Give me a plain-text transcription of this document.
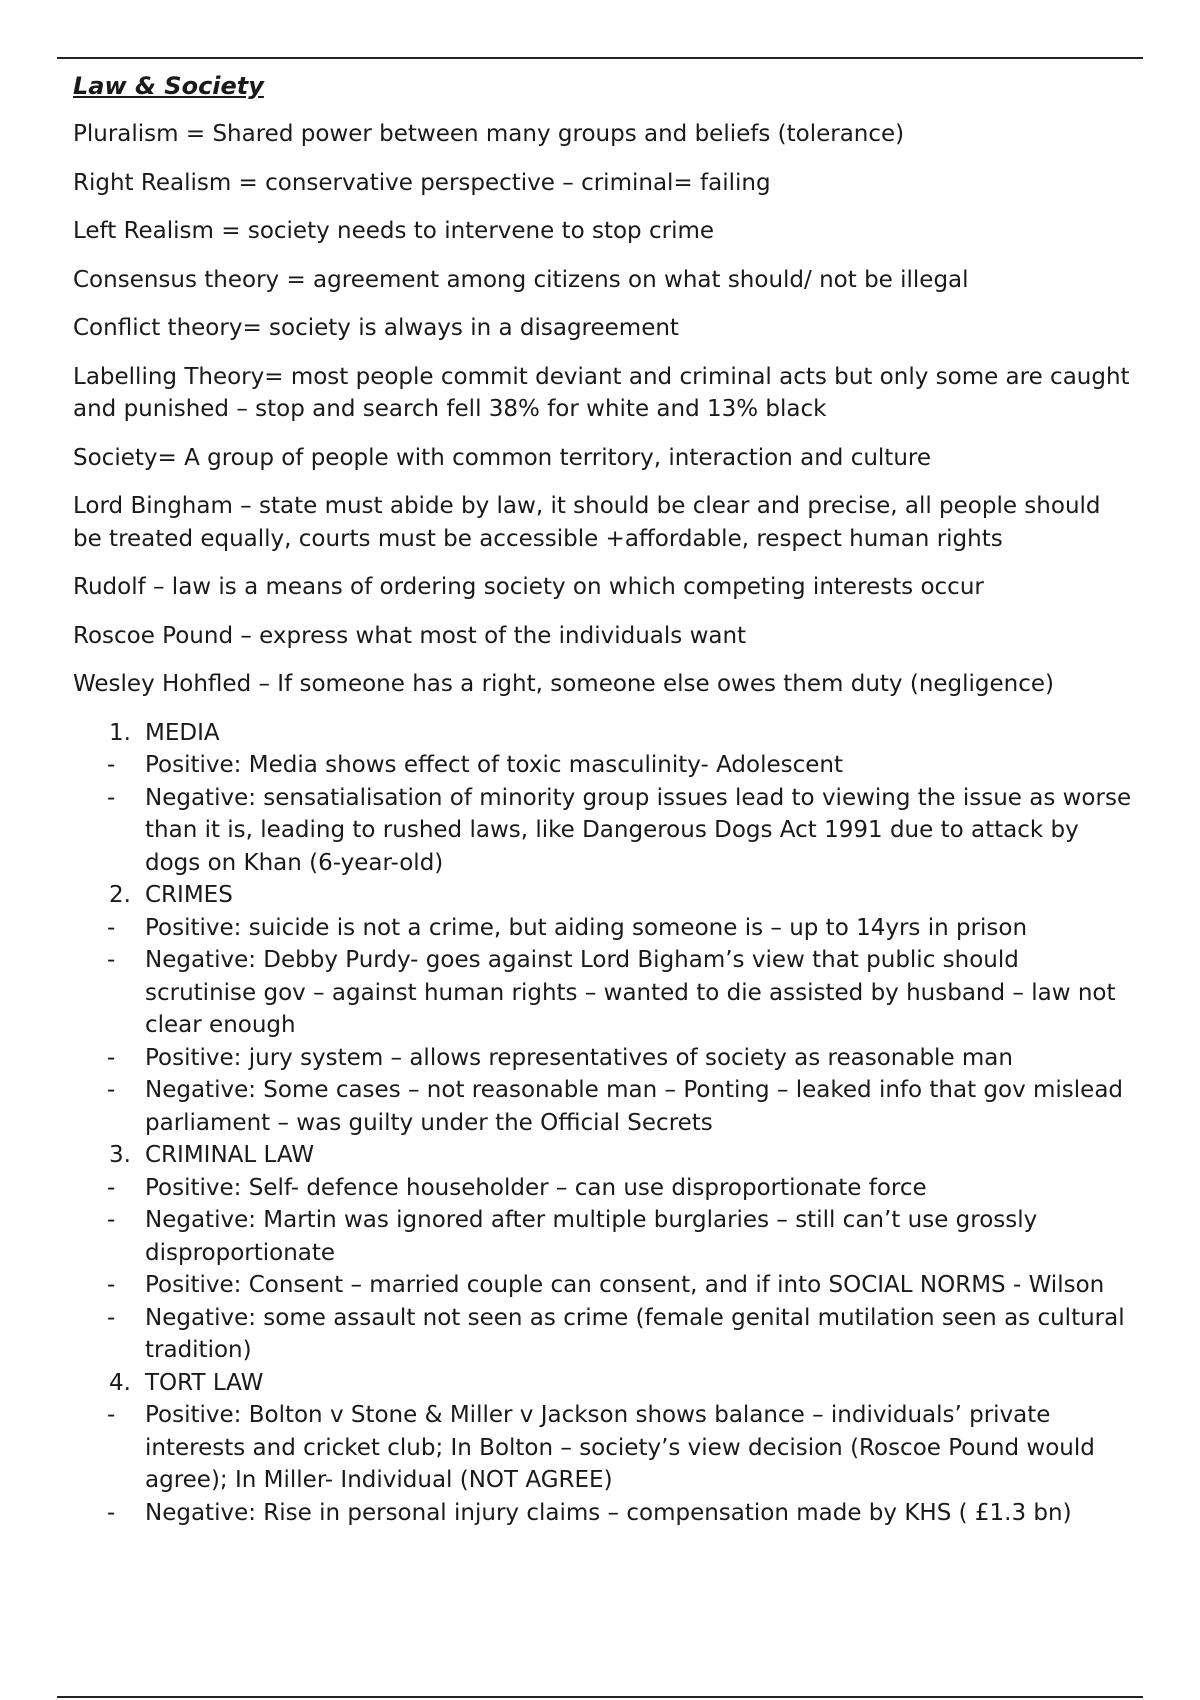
Law & Society

Pluralism = Shared power between many groups and beliefs (tolerance)

Right Realism = conservative perspective – criminal= failing

Left Realism = society needs to intervene to stop crime

Consensus theory = agreement among citizens on what should/ not be illegal

Conflict theory= society is always in a disagreement

Labelling Theory= most people commit deviant and criminal acts but only some are caught and punished – stop and search fell 38% for white and 13% black

Society= A group of people with common territory, interaction and culture

Lord Bingham – state must abide by law, it should be clear and precise, all people should be treated equally, courts must be accessible +affordable, respect human rights

Rudolf – law is a means of ordering society on which competing interests occur

Roscoe Pound – express what most of the individuals want

Wesley Hohfled – If someone has a right, someone else owes them duty (negligence)

1. MEDIA
- Positive: Media shows effect of toxic masculinity- Adolescent
- Negative: sensatialisation of minority group issues lead to viewing the issue as worse than it is, leading to rushed laws, like Dangerous Dogs Act 1991 due to attack by dogs on Khan (6-year-old)
2. CRIMES
- Positive: suicide is not a crime, but aiding someone is – up to 14yrs in prison
- Negative: Debby Purdy- goes against Lord Bigham’s view that public should scrutinise gov – against human rights – wanted to die assisted by husband – law not clear enough
- Positive: jury system – allows representatives of society as reasonable man
- Negative: Some cases – not reasonable man – Ponting – leaked info that gov mislead parliament – was guilty under the Official Secrets
3. CRIMINAL LAW
- Positive: Self- defence householder – can use disproportionate force
- Negative: Martin was ignored after multiple burglaries – still can’t use grossly disproportionate
- Positive: Consent – married couple can consent, and if into SOCIAL NORMS - Wilson
- Negative: some assault not seen as crime (female genital mutilation seen as cultural tradition)
4. TORT LAW
- Positive: Bolton v Stone & Miller v Jackson shows balance – individuals’ private interests and cricket club; In Bolton – society’s view decision (Roscoe Pound would agree); In Miller- Individual (NOT AGREE)
- Negative: Rise in personal injury claims – compensation made by KHS ( £1.3 bn)
